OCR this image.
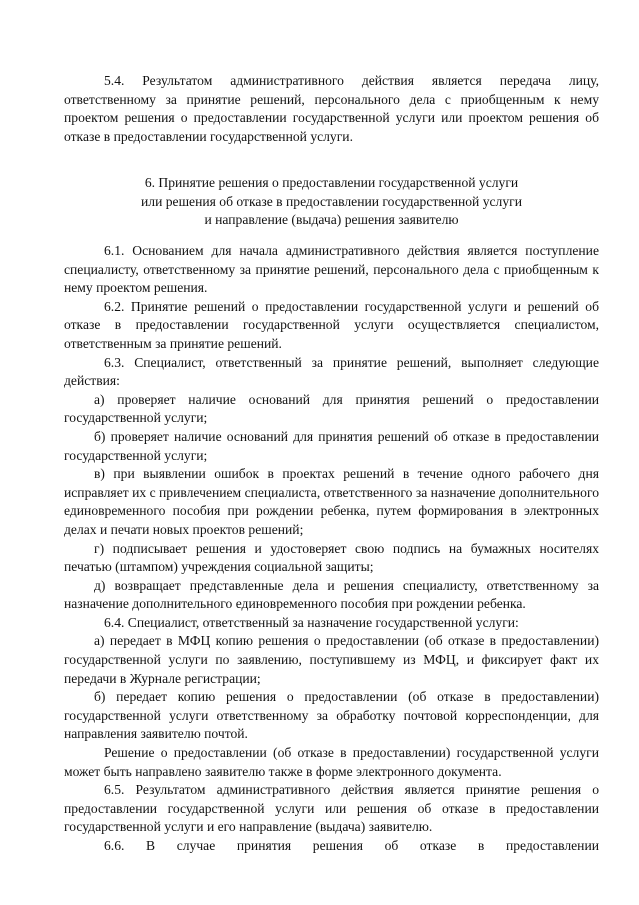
5.4. Результатом административного действия является передача лицу, ответственному за принятие решений, персонального дела с приобщенным к нему проектом решения о предоставлении государственной услуги или проектом решения об отказе в предоставлении государственной услуги.

6. Принятие решения о предоставлении государственной услуги

или решения об отказе в предоставлении государственной услуги

и направление (выдача) решения заявителю

6.1. Основанием для начала административного действия является поступление специалисту, ответственному за принятие решений, персонального дела с приобщенным к нему проектом решения.

6.2. Принятие решений о предоставлении государственной услуги и решений об отказе в предоставлении государственной услуги осуществляется специалистом, ответственным за принятие решений.

6.3. Специалист, ответственный за принятие решений, выполняет следующие действия:

а) проверяет наличие оснований для принятия решений о предоставлении государственной услуги;

б) проверяет наличие оснований для принятия решений об отказе в предоставлении государственной услуги;

в) при выявлении ошибок в проектах решений в течение одного рабочего дня исправляет их с привлечением специалиста, ответственного за назначение дополнительного единовременного пособия при рождении ребенка, путем формирования в электронных делах и печати новых проектов решений;

г) подписывает решения и удостоверяет свою подпись на бумажных носителях печатью (штампом) учреждения социальной защиты;

д) возвращает представленные дела и решения специалисту, ответственному за назначение дополнительного единовременного пособия при рождении ребенка.

6.4. Специалист, ответственный за назначение государственной услуги:

а) передает в МФЦ копию решения о предоставлении (об отказе в предоставлении) государственной услуги по заявлению, поступившему из МФЦ, и фиксирует факт их передачи в Журнале регистрации;

б) передает копию решения о предоставлении (об отказе в предоставлении) государственной услуги ответственному за обработку почтовой корреспонденции, для направления заявителю почтой.

Решение о предоставлении (об отказе в предоставлении) государственной услуги может быть направлено заявителю также в форме электронного документа.

6.5. Результатом административного действия является принятие решения о предоставлении государственной услуги или решения об отказе в предоставлении государственной услуги и его направление (выдача) заявителю.

6.6. В случае принятия решения об отказе в предоставлении
